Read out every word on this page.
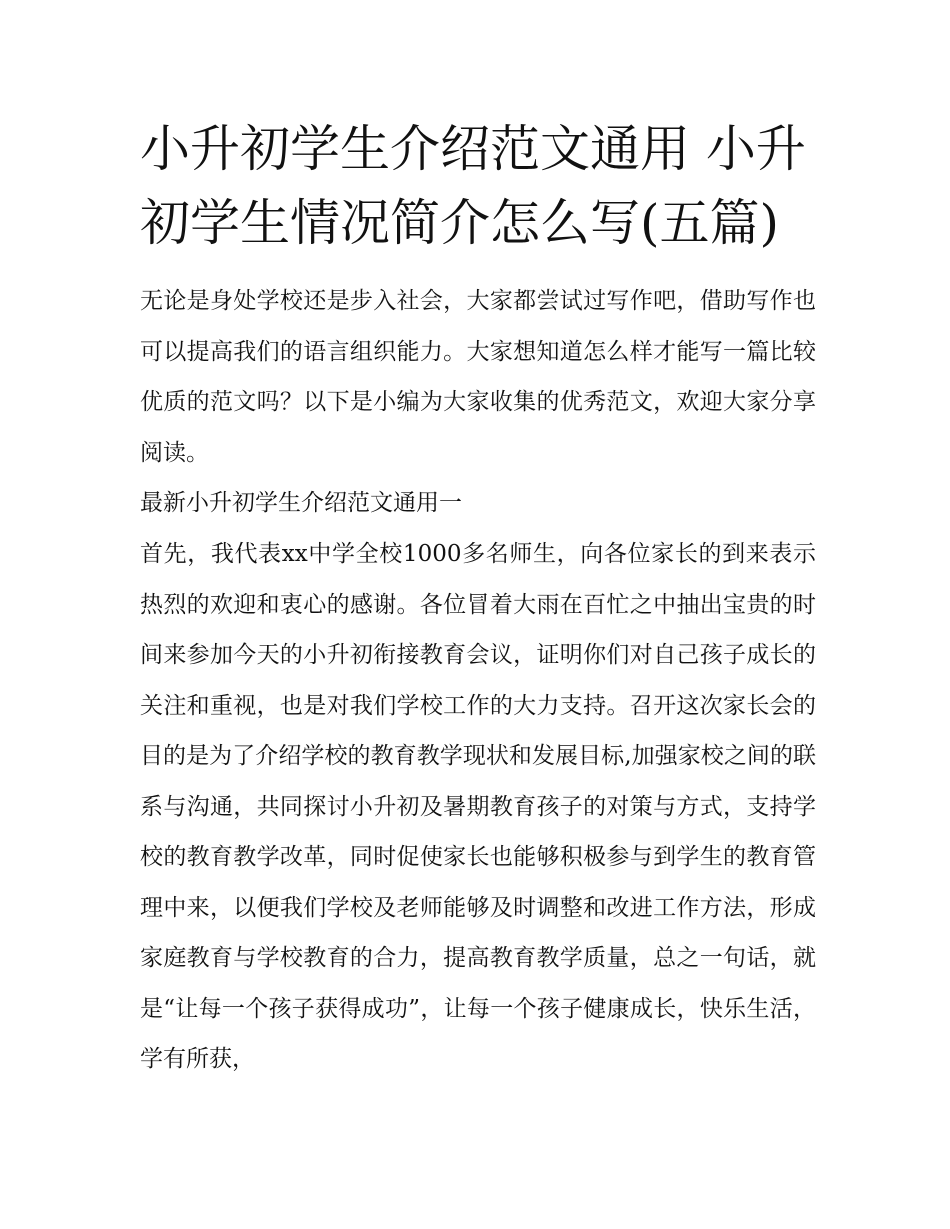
小升初学生介绍范文通用 小升初学生情况简介怎么写(五篇)

无论是身处学校还是步入社会，大家都尝试过写作吧，借助写作也可以提高我们的语言组织能力。大家想知道怎么样才能写一篇比较优质的范文吗？以下是小编为大家收集的优秀范文，欢迎大家分享阅读。

最新小升初学生介绍范文通用一

首先，我代表xx中学全校1000多名师生，向各位家长的到来表示热烈的欢迎和衷心的感谢。各位冒着大雨在百忙之中抽出宝贵的时间来参加今天的小升初衔接教育会议，证明你们对自己孩子成长的关注和重视，也是对我们学校工作的大力支持。召开这次家长会的目的是为了介绍学校的教育教学现状和发展目标,加强家校之间的联系与沟通，共同探讨小升初及暑期教育孩子的对策与方式，支持学校的教育教学改革，同时促使家长也能够积极参与到学生的教育管理中来，以便我们学校及老师能够及时调整和改进工作方法，形成家庭教育与学校教育的合力，提高教育教学质量，总之一句话，就是“让每一个孩子获得成功”，让每一个孩子健康成长，快乐生活，学有所获，
